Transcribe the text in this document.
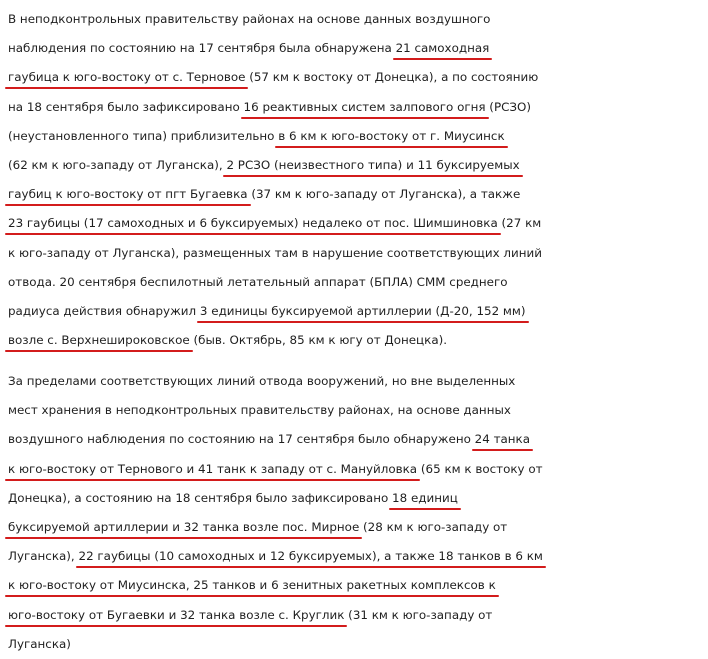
В неподконтрольных правительству районах на основе данных воздушного
наблюдения по состоянию на 17 сентября была обнаружена 21 самоходная
гаубица к юго-востоку от с. Терновое (57 км к востоку от Донецка), а по состоянию
на 18 сентября было зафиксировано 16 реактивных систем залпового огня (РСЗО)
(неустановленного типа) приблизительно в 6 км к юго-востоку от г. Миусинск
(62 км к юго-западу от Луганска), 2 РСЗО (неизвестного типа) и 11 буксируемых
гаубиц к юго-востоку от пгт Бугаевка (37 км к юго-западу от Луганска), а также
23 гаубицы (17 самоходных и 6 буксируемых) недалеко от пос. Шимшиновка (27 км
к юго-западу от Луганска), размещенных там в нарушение соответствующих линий
отвода. 20 сентября беспилотный летательный аппарат (БПЛА) СММ среднего
радиуса действия обнаружил 3 единицы буксируемой артиллерии (Д-20, 152 мм)
возле с. Верхнешироковское (быв. Октябрь, 85 км к югу от Донецка).
За пределами соответствующих линий отвода вооружений, но вне выделенных
мест хранения в неподконтрольных правительству районах, на основе данных
воздушного наблюдения по состоянию на 17 сентября было обнаружено 24 танка
к юго-востоку от Тернового и 41 танк к западу от с. Мануйловка (65 км к востоку от
Донецка), а состоянию на 18 сентября было зафиксировано 18 единиц
буксируемой артиллерии и 32 танка возле пос. Мирное (28 км к юго-западу от
Луганска), 22 гаубицы (10 самоходных и 12 буксируемых), а также 18 танков в 6 км
к юго-востоку от Миусинска, 25 танков и 6 зенитных ракетных комплексов к
юго-востоку от Бугаевки и 32 танка возле с. Круглик (31 км к юго-западу от
Луганска)
